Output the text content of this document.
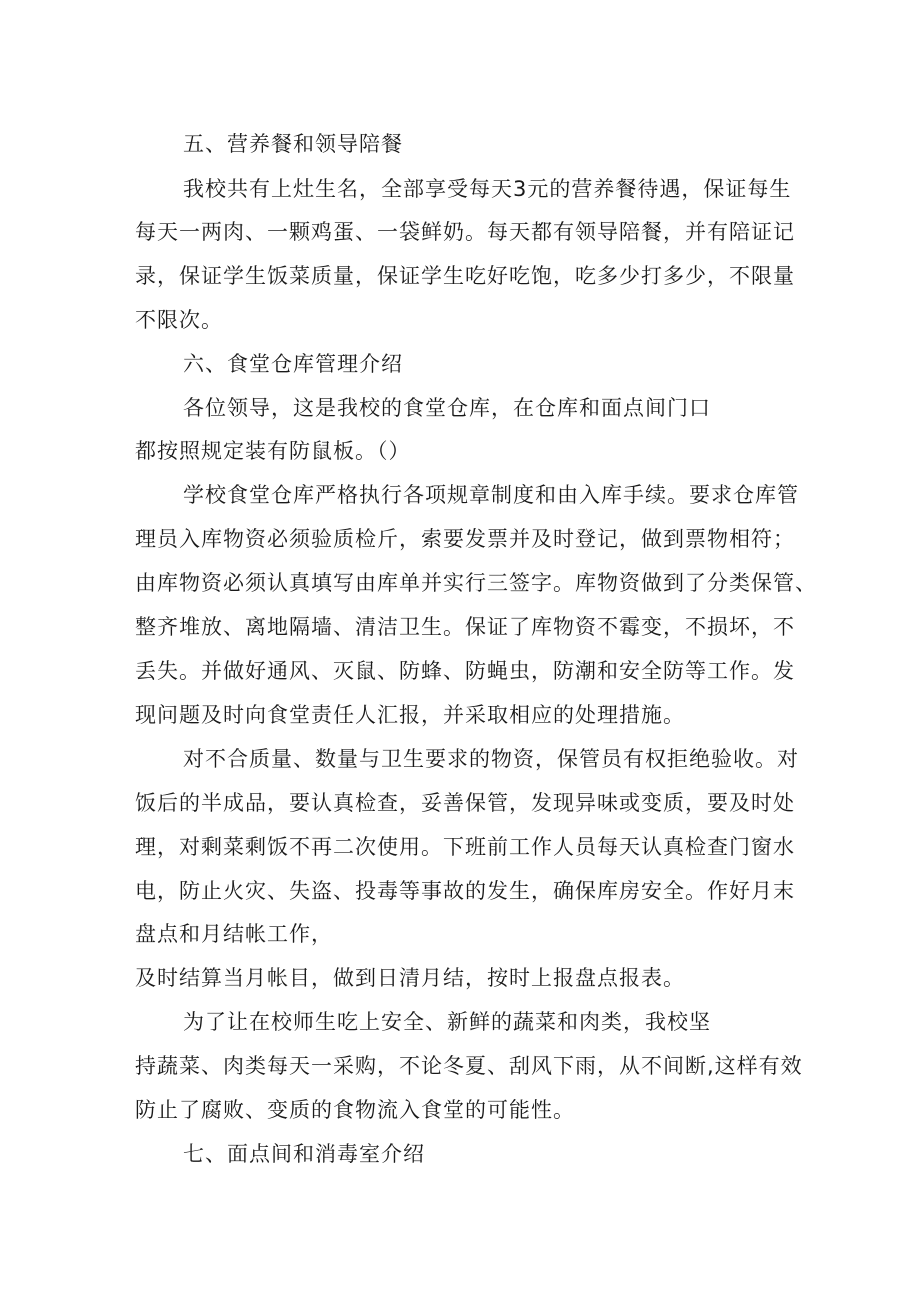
五、营养餐和领导陪餐
我校共有上灶生名，全部享受每天3元的营养餐待遇，保证每生
每天一两肉、一颗鸡蛋、一袋鲜奶。每天都有领导陪餐，并有陪证记
录，保证学生饭菜质量，保证学生吃好吃饱，吃多少打多少，不限量
不限次。
六、食堂仓库管理介绍
各位领导，这是我校的食堂仓库，在仓库和面点间门口
都按照规定装有防鼠板。（）
学校食堂仓库严格执行各项规章制度和由入库手续。要求仓库管
理员入库物资必须验质检斤，索要发票并及时登记，做到票物相符；
由库物资必须认真填写由库单并实行三签字。库物资做到了分类保管、
整齐堆放、离地隔墙、清洁卫生。保证了库物资不霉变，不损坏，不
丢失。并做好通风、灭鼠、防蜂、防蝇虫，防潮和安全防等工作。发
现问题及时向食堂责任人汇报，并采取相应的处理措施。
对不合质量、数量与卫生要求的物资，保管员有权拒绝验收。对
饭后的半成品，要认真检查，妥善保管，发现异味或变质，要及时处
理，对剩菜剩饭不再二次使用。下班前工作人员每天认真检查门窗水
电，防止火灾、失盗、投毒等事故的发生，确保库房安全。作好月末
盘点和月结帐工作，
及时结算当月帐目，做到日清月结，按时上报盘点报表。
为了让在校师生吃上安全、新鲜的蔬菜和肉类，我校坚
持蔬菜、肉类每天一采购，不论冬夏、刮风下雨，从不间断,这样有效
防止了腐败、变质的食物流入食堂的可能性。
七、面点间和消毒室介绍
